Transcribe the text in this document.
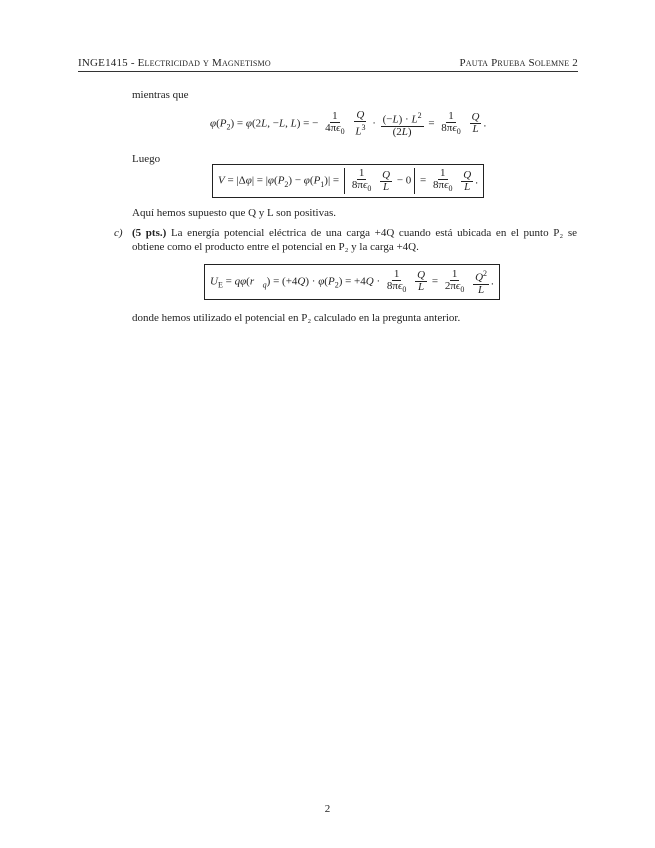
INGE1415 - Electricidad y Magnetismo	Pauta Prueba Solemne 2
mientras que
$\varphi(P_2) = \varphi(2L$, −L, L) = − $\frac{1}{4\pi\epsilon_0}$
$\frac{Q}{L^3} \cdot \frac{(-L) \cdot L^2}{(2L)} = \frac{1}{8\pi\epsilon_0}$
$\frac{Q}{L}$ .
Luego
$V = |\Delta\varphi| = |\varphi(P_2) - \varphi(P_1)| = \frac{1}{8\pi\epsilon_0}$
$\frac{Q}{L} - 0 = \frac{1}{8\pi\epsilon_0}$
$\frac{Q}{L}$ .
Aquí hemos supuesto que Q y L son positivas.
c) (5 pts.) La energía potencial eléctrica de una carga +4Q cuando está ubicada en el punto P₂ se obtiene como el producto entre el potencial en P₂ y la carga +4Q.
$U_E$ = $q\varphi(r⃗_q) = (+4Q) \cdot \varphi(P_2) = +4Q \cdot \frac{1}{8\pi\epsilon_0}$
$\frac{Q}{L} = \frac{1}{2\pi\epsilon_0}$
$\frac{Q^2}{L}$ .
donde hemos utilizado el potencial en P₂ calculado en la pregunta anterior.
2
